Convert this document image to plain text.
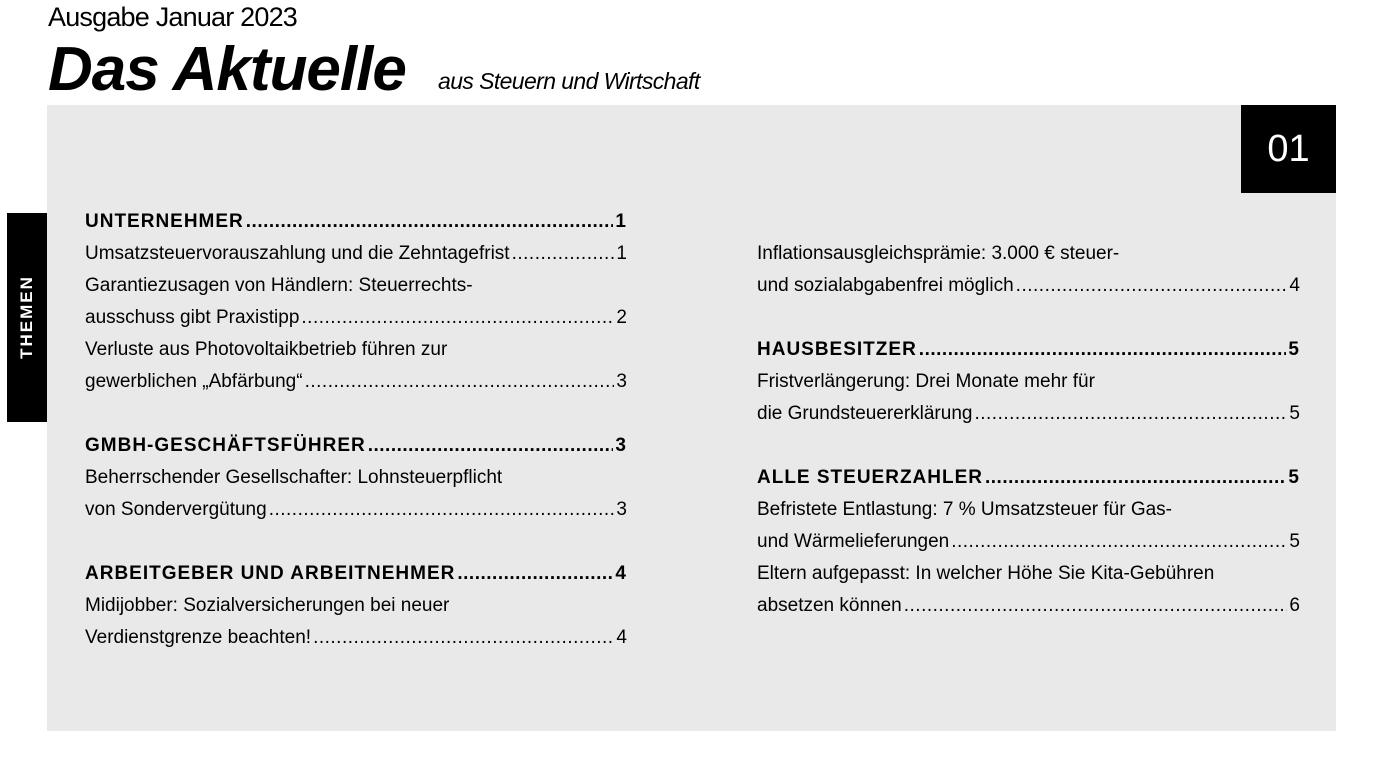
Ausgabe Januar 2023
Das Aktuelle aus Steuern und Wirtschaft
01
THEMEN
UNTERNEHMER .....	1
Umsatzsteuervorauszahlung und die Zehntagefrist .....	1
Garantiezusagen von Händlern: Steuerrechts-
ausschuss gibt Praxistipp .....	2
Verluste aus Photovoltaikbetrieb führen zur
gewerblichen „Abfärbung“ .....	3
GMBH-GESCHÄFTSFÜHRER .....	3
Beherrschender Gesellschafter: Lohnsteuerpflicht
von Sondervergütung .....	3
ARBEITGEBER UND ARBEITNEHMER .....	4
Midijobber: Sozialversicherungen bei neuer
Verdienstgrenze beachten! .....	4
Inflationsausgleichsprämie: 3.000 € steuer-
und sozialabgabenfrei möglich .....	4
HAUSBESITZER .....	5
Fristverlängerung: Drei Monate mehr für
die Grundsteuererklärung .....	5
ALLE STEUERZAHLER .....	5
Befristete Entlastung: 7 % Umsatzsteuer für Gas-
und Wärmelieferungen .....	5
Eltern aufgepasst: In welcher Höhe Sie Kita-Gebühren
absetzen können .....	6
